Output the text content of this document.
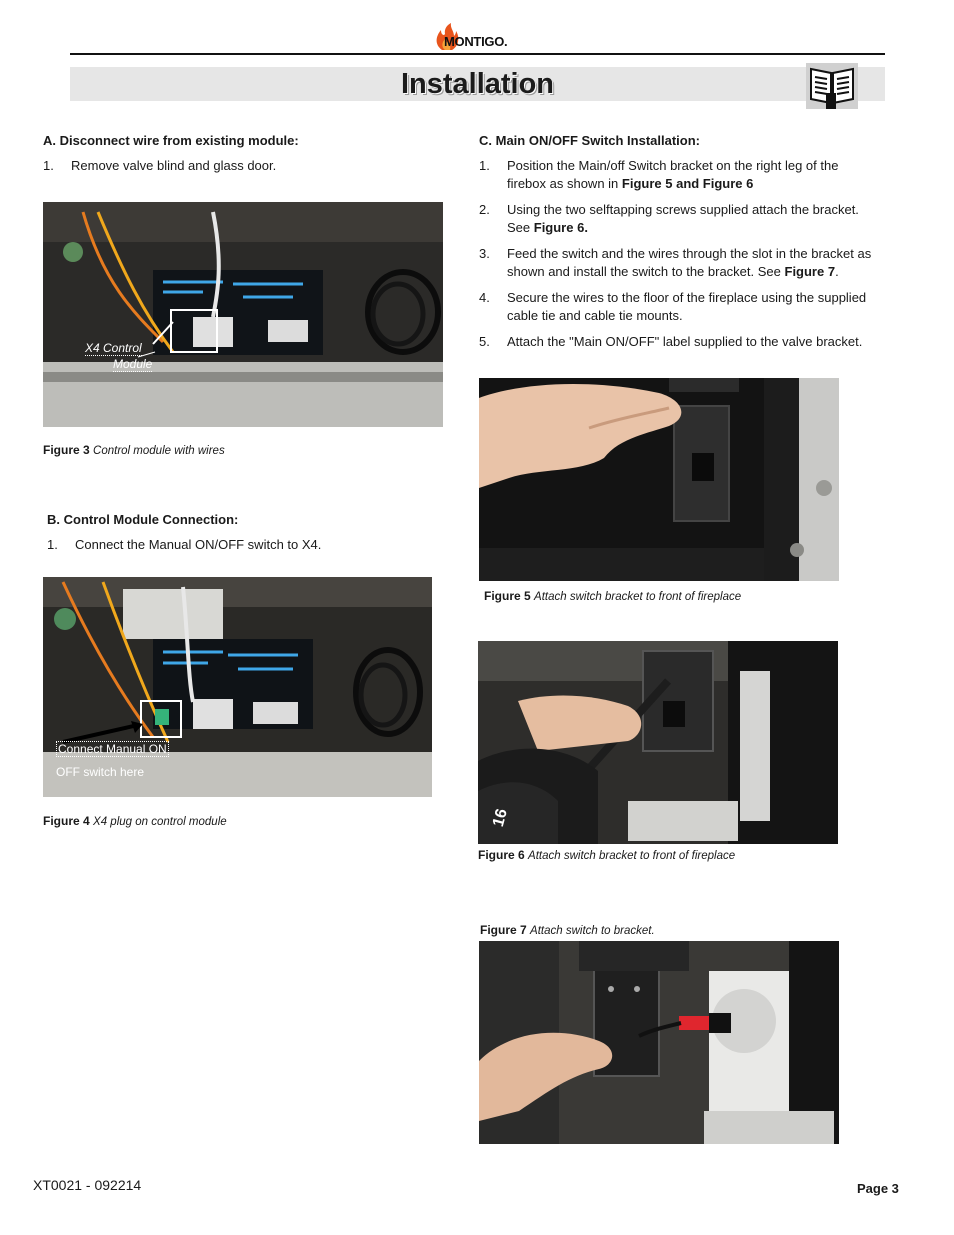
MONTIGO.
Installation
A. Disconnect wire from existing module:
1. Remove valve blind and glass door.
X4 Control
Module
Figure 3 Control module with wires
B. Control Module Connection:
1. Connect the Manual ON/OFF switch to X4.
Connect Manual ON
OFF switch here
Figure 4 X4 plug on control module
C. Main ON/OFF Switch Installation:
1. Position the Main/off Switch bracket on the right leg of the
firebox as shown in Figure 5 and Figure 6
2. Using the two selftapping screws supplied attach the bracket.
See Figure 6.
3. Feed the switch and the wires through the slot in the bracket as
shown and install the switch to the bracket. See Figure 7.
4. Secure the wires to the floor of the fireplace using the supplied
cable tie and cable tie mounts.
5. Attach the "Main ON/OFF" label supplied to the valve bracket.
Figure 5 Attach switch bracket to front of fireplace
16
Figure 6 Attach switch bracket to front of fireplace
Figure 7 Attach switch to bracket.
XT0021 - 092214	Page 3
